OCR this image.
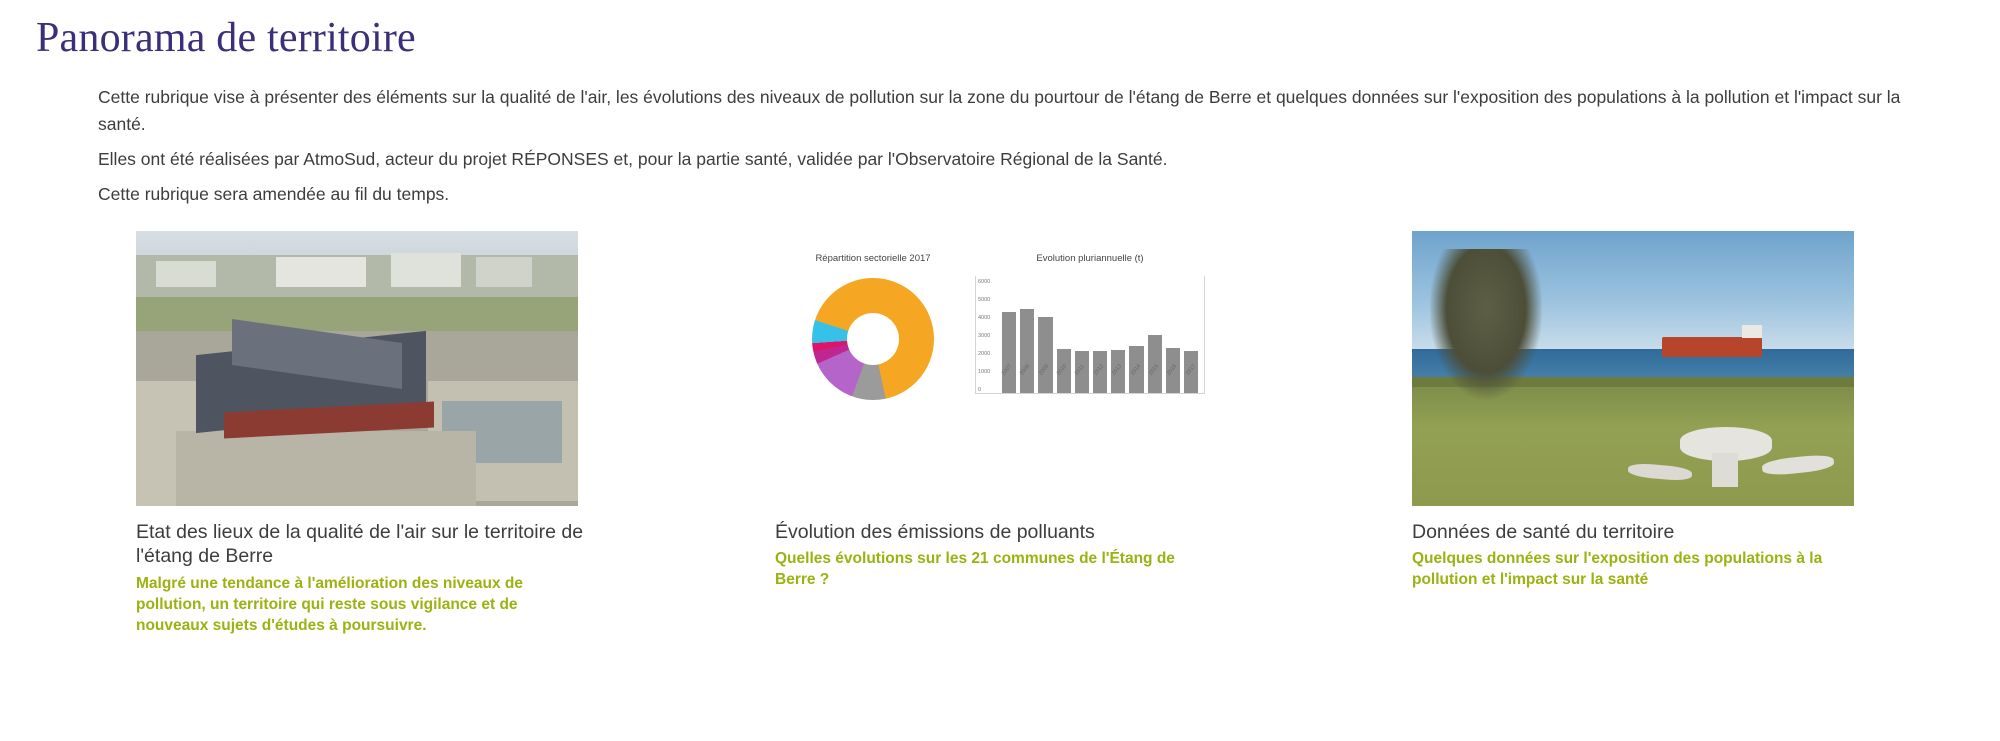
Panorama de territoire

Cette rubrique vise à présenter des éléments sur la qualité de l'air, les évolutions des niveaux de pollution sur la zone du pourtour de l'étang de Berre et quelques données sur l'exposition des populations à la pollution et l'impact sur la santé.

Elles ont été réalisées par AtmoSud, acteur du projet RÉPONSES et, pour la partie santé, validée par l'Observatoire Régional de la Santé.

Cette rubrique sera amendée au fil du temps.

Etat des lieux de la qualité de l'air sur le territoire de l'étang de Berre
Malgré une tendance à l'amélioration des niveaux de pollution, un territoire qui reste sous vigilance et de nouveaux sujets d'études à poursuivre.
Répartition sectorielle 2017	Evolution pluriannuelle (t)
6000
5000
4000
3000
2000
1000
0
2007 2008 2009 2010 2011 2012 2013 2014 2015 2016 2017
Évolution des émissions de polluants
Quelles évolutions sur les 21 communes de l'Étang de Berre ?
Données de santé du territoire
Quelques données sur l'exposition des populations à la pollution et l'impact sur la santé
